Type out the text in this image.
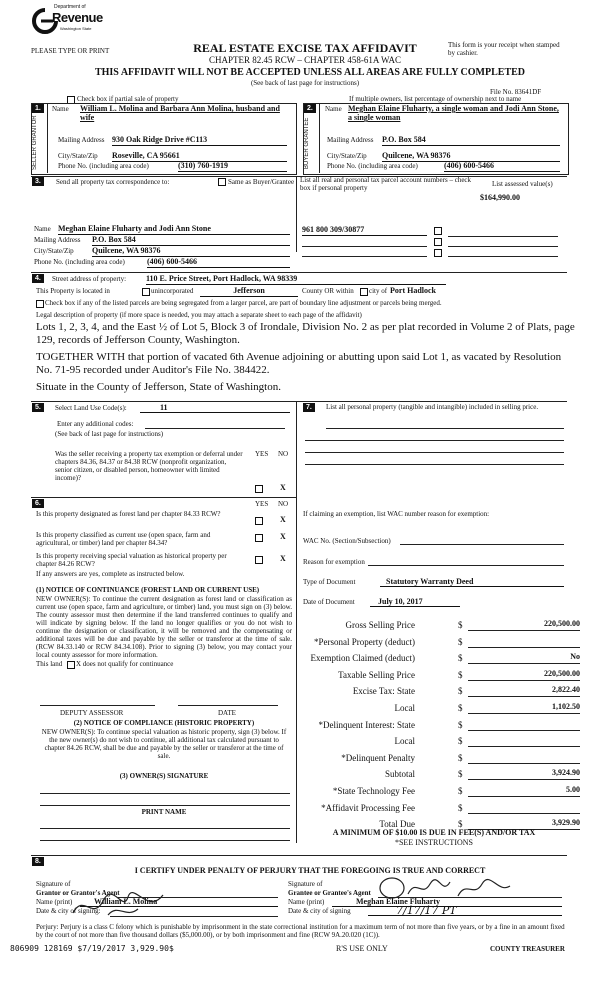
Department of
Revenue
Washington State
PLEASE TYPE OR PRINT	REAL ESTATE EXCISE TAX AFFIDAVIT
CHAPTER 82.45 RCW – CHAPTER 458-61A WAC
This form is your receipt when stamped by cashier.
THIS AFFIDAVIT WILL NOT BE ACCEPTED UNLESS ALL AREAS ARE FULLY COMPLETED
(See back of last page for instructions)
File No. 83641DF
Check box if partial sale of property	If multiple owners, list percentage of ownership next to name
1.
SELLER GRANTOR
Name William L. Molina and Barbara Ann Molina, husband and wife
Mailing Address 930 Oak Ridge Drive #C113
City/State/Zip Roseville, CA 95661
Phone No. (including area code)	(310) 760-1919
2.
BUYER GRANTEE
Name Meghan Elaine Fluharty, a single woman and Jodi Ann Stone, a single woman
Mailing Address P.O. Box 584
City/State/Zip Quilcene, WA 98376
Phone No. (including area code)	(406) 600-5466
3.	Send all property tax correspondence to:	Same as Buyer/Grantee List all real and personal tax parcel account numbers – check box if personal property
List assessed value(s)
Name Meghan Elaine Fluharty and Jodi Ann Stone
Mailing Address P.O. Box 584
City/State/Zip Quilcene, WA 98376
Phone No. (including area code)	(406) 600-5466
961 800 309/30877
$164,990.00
4.	Street address of property: 110 E. Price Street, Port Hadlock, WA 98339
This Property is located in	unincorporated	Jefferson	County OR within city of Port Hadlock
Check box if any of the listed parcels are being segregated from a larger parcel, are part of boundary line adjustment or parcels being merged.
Legal description of property (if more space is needed, you may attach a separate sheet to each page of the affidavit)
Lots 1, 2, 3, 4, and the East ½ of Lot 5, Block 3 of Irondale, Division No. 2 as per plat recorded in Volume 2 of Plats, page 129, records of Jefferson County, Washington.
TOGETHER WITH that portion of vacated 6th Avenue adjoining or abutting upon said Lot 1, as vacated by Resolution No. 71-95 recorded under Auditor's File No. 384422.
Situate in the County of Jefferson, State of Washington.
5.	Select Land Use Code(s):	11
Enter any additional codes:
(See back of last page for instructions)
YES NO
Was the seller receiving a property tax exemption or deferral under chapters 84.36, 84.37 or 84.38 RCW (nonprofit organization, senior citizen, or disabled person, homeowner with limited income)?
X
6.	YES NO
Is this property designated as forest land per chapter 84.33 RCW?
X
Is this property classified as current use (open space, farm and agricultural, or timber) land per chapter 84.34?
X
Is this property receiving special valuation as historical property per chapter 84.26 RCW?
X
If any answers are yes, complete as instructed below.
(1) NOTICE OF CONTINUANCE (FOREST LAND OR CURRENT USE)
NEW OWNER(S): To continue the current designation as forest land or classification as current use (open space, farm and agriculture, or timber) land, you must sign on (3) below. The county assessor must then determine if the land transferred continues to qualify and will indicate by signing below. If the land no longer qualifies or you do not wish to continue the designation or classification, it will be removed and the compensating or additional taxes will be due and payable by the seller or transferor at the time of sale. (RCW 84.33.140 or RCW 84.34.108). Prior to signing (3) below, you may contact your local county assessor for more information.
This land X does not qualify for continuance
DEPUTY ASSESSOR	DATE
(2) NOTICE OF COMPLIANCE (HISTORIC PROPERTY)
NEW OWNER(S): To continue special valuation as historic property, sign (3) below. If the new owner(s) do not wish to continue, all additional tax calculated pursuant to chapter 84.26 RCW, shall be due and payable by the seller or transferor at the time of sale.
(3) OWNER(S) SIGNATURE
PRINT NAME
7.	List all personal property (tangible and intangible) included in selling price.
If claiming an exemption, list WAC number reason for exemption:
WAC No. (Section/Subsection)
Reason for exemption
Type of Document	Statutory Warranty Deed
Date of Document	July 10, 2017
Gross Selling Price	$	220,500.00
*Personal Property (deduct)	$
Exemption Claimed (deduct)	$	No
Taxable Selling Price	$	220,500.00
Excise Tax: State	$	2,822.40
Local	$	1,102.50
*Delinquent Interest: State	$
Local	$
*Delinquent Penalty	$
Subtotal	$	3,924.90
*State Technology Fee	$	5.00
*Affidavit Processing Fee	$
Total Due	$	3,929.90
A MINIMUM OF $10.00 IS DUE IN FEE(S) AND/OR TAX
*SEE INSTRUCTIONS
8.
I CERTIFY UNDER PENALTY OF PERJURY THAT THE FOREGOING IS TRUE AND CORRECT
Signature of
Grantor or Grantor's Agent
Name (print)	William L. Molina
Date & city of signing:
Signature of
Grantee or Grantee's Agent
Name (print)	Meghan Elaine Fluharty
Date & city of signing	7/17/17 PT
Perjury: Perjury is a class C felony which is punishable by imprisonment in the state correctional institution for a maximum term of not more than five years, or by a fine in an amount fixed by the court of not more than five thousand dollars ($5,000.00), or by both imprisonment and fine (RCW 9A.20.020 (1C)).
806909 128169 $7/19/2017 3,929.90$	R'S USE ONLY	COUNTY TREASURER
